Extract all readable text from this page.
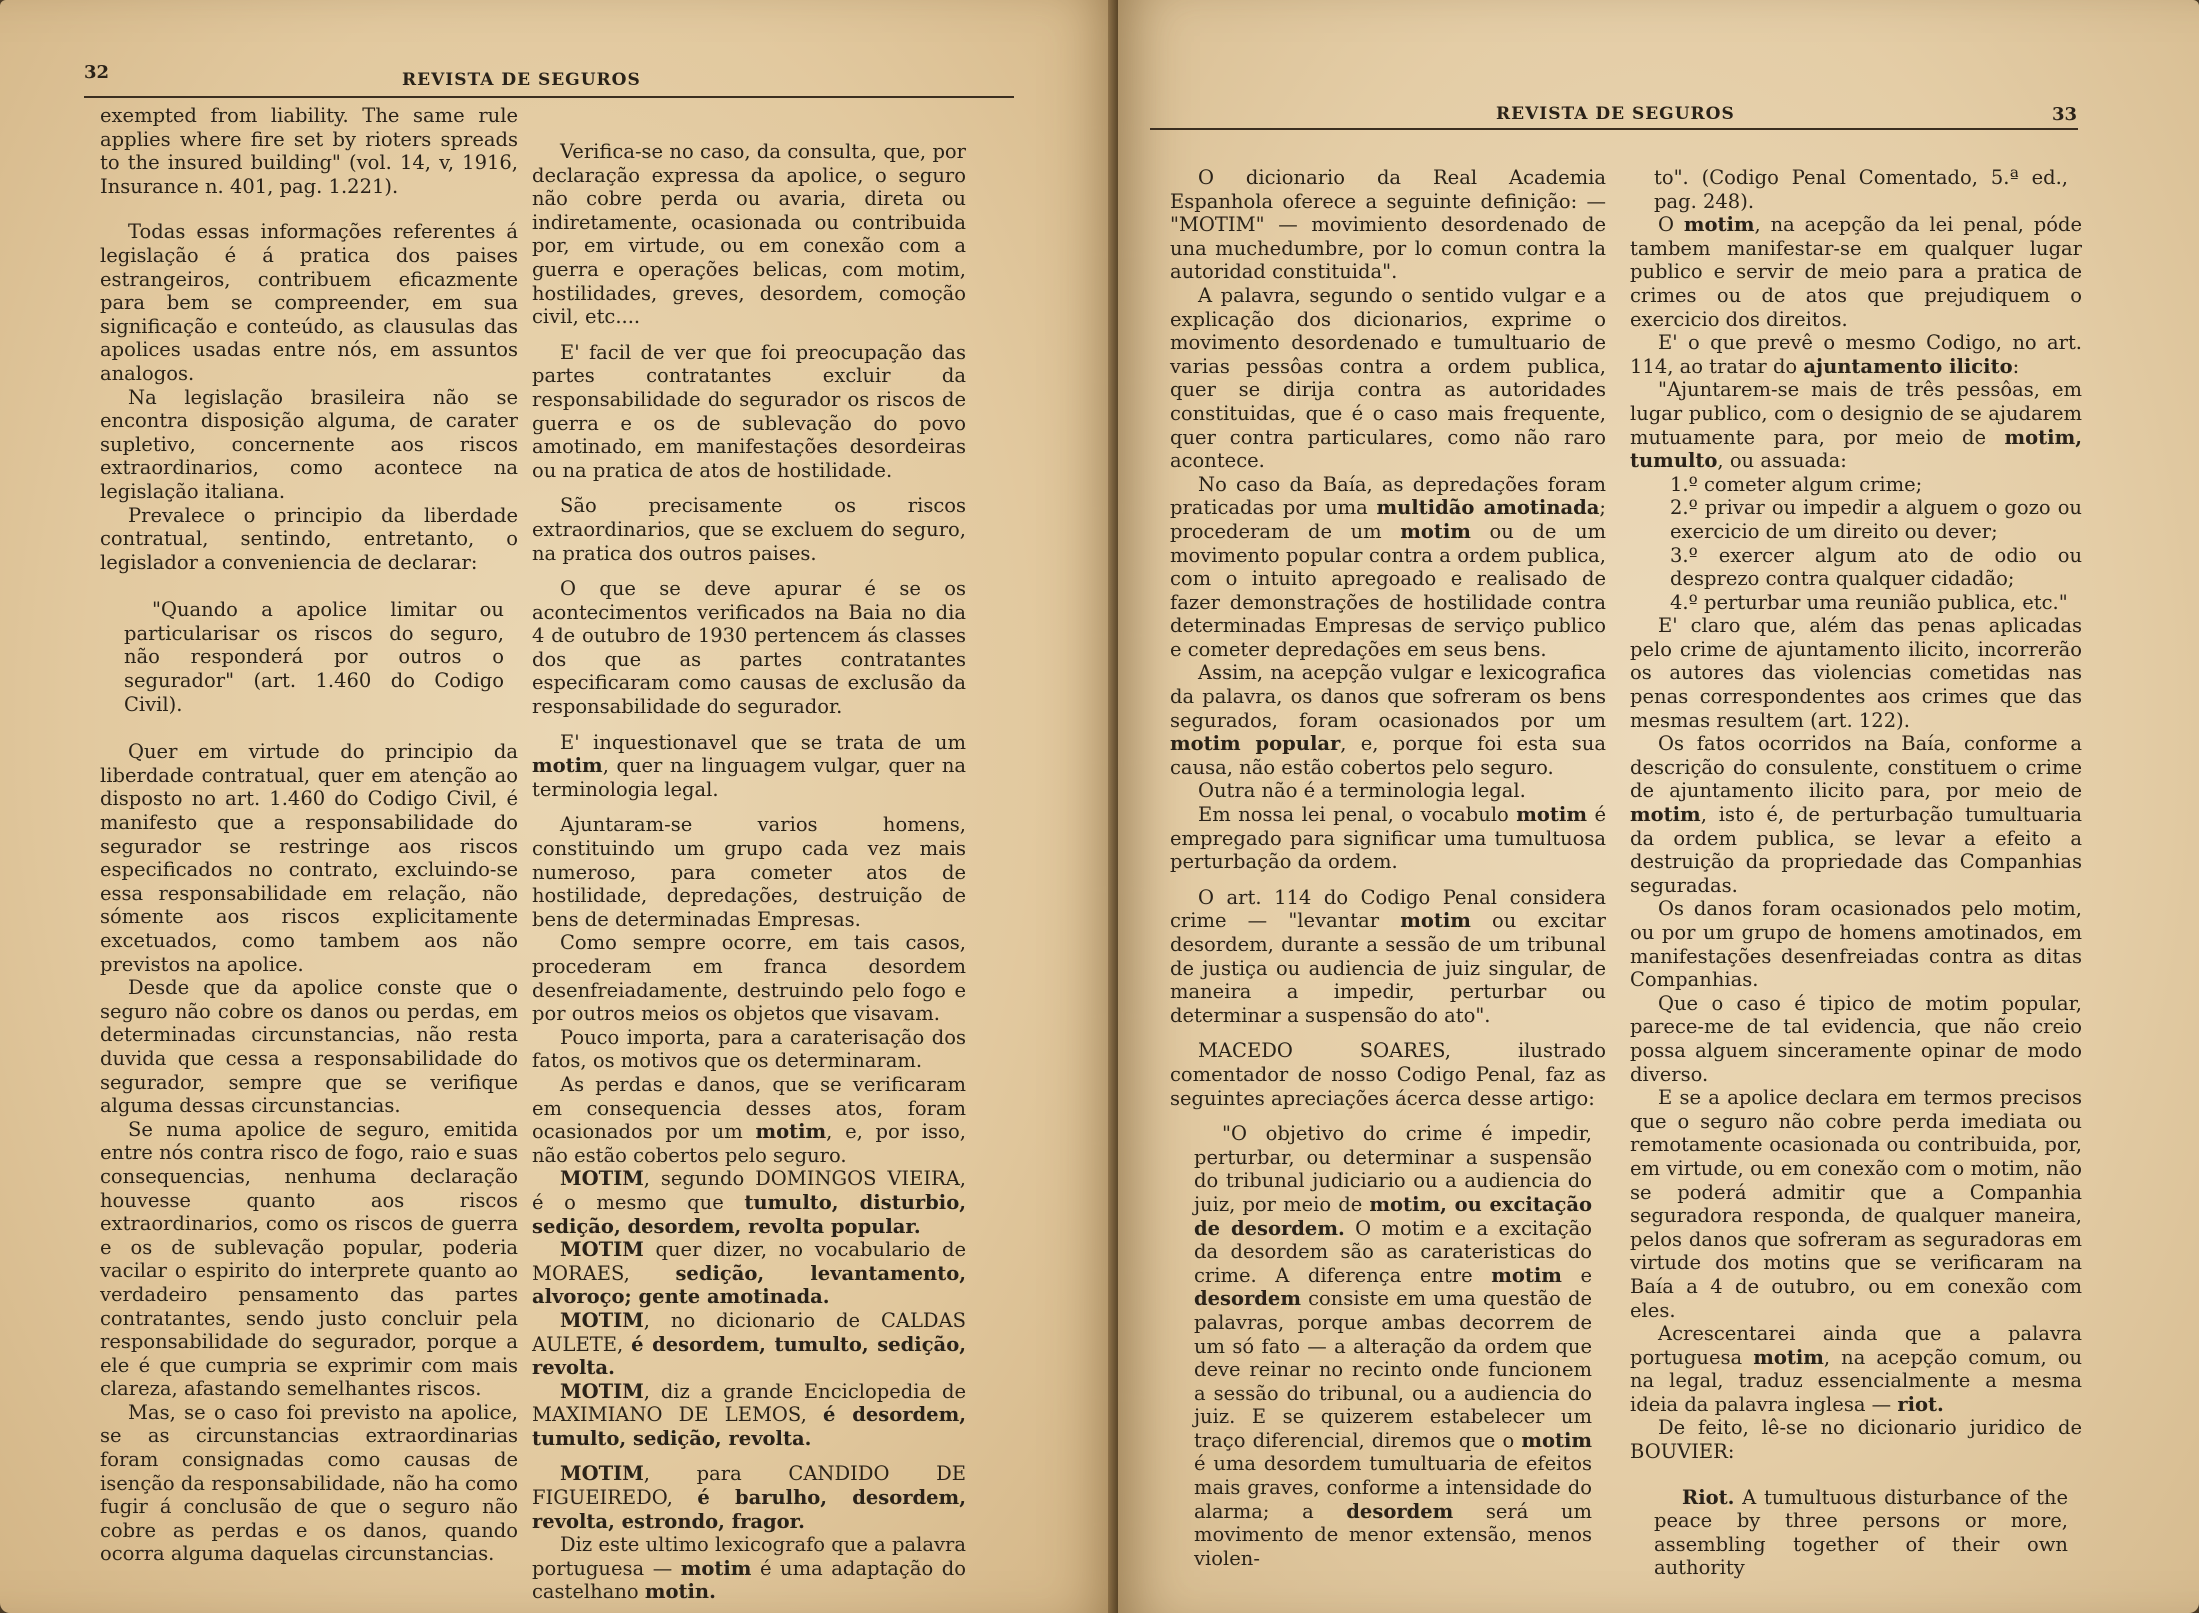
32	REVISTA DE SEGUROS

exempted from liability. The same rule applies where fire set by rioters spreads to the insured building" (vol. 14, v, 1916, Insurance n. 401, pag. 1.221).

Todas essas informações referentes á legislação é á pratica dos paises estrangeiros, contribuem eficazmente para bem se compreender, em sua significação e conteúdo, as clausulas das apolices usadas entre nós, em assuntos analogos.

Na legislação brasileira não se encontra disposição alguma, de carater supletivo, concernente aos riscos extraordinarios, como acontece na legislação italiana.

Prevalece o principio da liberdade contratual, sentindo, entretanto, o legislador a conveniencia de declarar:

"Quando a apolice limitar ou particularisar os riscos do seguro, não responderá por outros o segurador" (art. 1.460 do Codigo Civil).

Quer em virtude do principio da liberdade contratual, quer em atenção ao disposto no art. 1.460 do Codigo Civil, é manifesto que a responsabilidade do segurador se restringe aos riscos especificados no contrato, excluindo-se essa responsabilidade em relação, não sómente aos riscos explicitamente excetuados, como tambem aos não previstos na apolice.

Desde que da apolice conste que o seguro não cobre os danos ou perdas, em determinadas circunstancias, não resta duvida que cessa a responsabilidade do segurador, sempre que se verifique alguma dessas circunstancias.

Se numa apolice de seguro, emitida entre nós contra risco de fogo, raio e suas consequencias, nenhuma declaração houvesse quanto aos riscos extraordinarios, como os riscos de guerra e os de sublevação popular, poderia vacilar o espirito do interprete quanto ao verdadeiro pensamento das partes contratantes, sendo justo concluir pela responsabilidade do segurador, porque a ele é que cumpria se exprimir com mais clareza, afastando semelhantes riscos.

Mas, se o caso foi previsto na apolice, se as circunstancias extraordinarias foram consignadas como causas de isenção da responsabilidade, não ha como fugir á conclusão de que o seguro não cobre as perdas e os danos, quando ocorra alguma daquelas circunstancias.

Verifica-se no caso, da consulta, que, por declaração expressa da apolice, o seguro não cobre perda ou avaria, direta ou indiretamente, ocasionada ou contribuida por, em virtude, ou em conexão com a guerra e operações belicas, com motim, hostilidades, greves, desordem, comoção civil, etc....

E' facil de ver que foi preocupação das partes contratantes excluir da responsabilidade do segurador os riscos de guerra e os de sublevação do povo amotinado, em manifestações desordeiras ou na pratica de atos de hostilidade.

São precisamente os riscos extraordinarios, que se excluem do seguro, na pratica dos outros paises.

O que se deve apurar é se os acontecimentos verificados na Baia no dia 4 de outubro de 1930 pertencem ás classes dos que as partes contratantes especificaram como causas de exclusão da responsabilidade do segurador.

E' inquestionavel que se trata de um motim, quer na linguagem vulgar, quer na terminologia legal.

Ajuntaram-se varios homens, constituindo um grupo cada vez mais numeroso, para cometer atos de hostilidade, depredações, destruição de bens de determinadas Empresas.

Como sempre ocorre, em tais casos, procederam em franca desordem desenfreiadamente, destruindo pelo fogo e por outros meios os objetos que visavam.

Pouco importa, para a caraterisação dos fatos, os motivos que os determinaram.

As perdas e danos, que se verificaram em consequencia desses atos, foram ocasionados por um motim, e, por isso, não estão cobertos pelo seguro.

MOTIM, segundo DOMINGOS VIEIRA, é o mesmo que tumulto, disturbio, sedição, desordem, revolta popular.

MOTIM quer dizer, no vocabulario de MORAES, sedição, levantamento, alvoroço; gente amotinada.

MOTIM, no dicionario de CALDAS AULETE, é desordem, tumulto, sedição, revolta.

MOTIM, diz a grande Enciclopedia de MAXIMIANO DE LEMOS, é desordem, tumulto, sedição, revolta.

MOTIM, para CANDIDO DE FIGUEIREDO, é barulho, desordem, revolta, estrondo, fragor.

Diz este ultimo lexicografo que a palavra portuguesa — motim é uma adaptação do castelhano motin.

REVISTA DE SEGUROS	33

O dicionario da Real Academia Espanhola oferece a seguinte definição: — "MOTIM" — movimiento desordenado de una muchedumbre, por lo comun contra la autoridad constituida".

A palavra, segundo o sentido vulgar e a explicação dos dicionarios, exprime o movimento desordenado e tumultuario de varias pessôas contra a ordem publica, quer se dirija contra as autoridades constituidas, que é o caso mais frequente, quer contra particulares, como não raro acontece.

No caso da Baía, as depredações foram praticadas por uma multidão amotinada; procederam de um motim ou de um movimento popular contra a ordem publica, com o intuito apregoado e realisado de fazer demonstrações de hostilidade contra determinadas Empresas de serviço publico e cometer depredações em seus bens.

Assim, na acepção vulgar e lexicografica da palavra, os danos que sofreram os bens segurados, foram ocasionados por um motim popular, e, porque foi esta sua causa, não estão cobertos pelo seguro.

Outra não é a terminologia legal.

Em nossa lei penal, o vocabulo motim é empregado para significar uma tumultuosa perturbação da ordem.

O art. 114 do Codigo Penal considera crime — "levantar motim ou excitar desordem, durante a sessão de um tribunal de justiça ou audiencia de juiz singular, de maneira a impedir, perturbar ou determinar a suspensão do ato".

MACEDO SOARES, ilustrado comentador de nosso Codigo Penal, faz as seguintes apreciações ácerca desse artigo:

"O objetivo do crime é impedir, perturbar, ou determinar a suspensão do tribunal judiciario ou a audiencia do juiz, por meio de motim, ou excitação de desordem. O motim e a excitação da desordem são as carateristicas do crime. A diferença entre motim e desordem consiste em uma questão de palavras, porque ambas decorrem de um só fato — a alteração da ordem que deve reinar no recinto onde funcionem a sessão do tribunal, ou a audiencia do juiz. E se quizerem estabelecer um traço diferencial, diremos que o motim é uma desordem tumultuaria de efeitos mais graves, conforme a intensidade do alarma; a desordem será um movimento de menor extensão, menos violen-

to". (Codigo Penal Comentado, 5.ª ed., pag. 248).

O motim, na acepção da lei penal, póde tambem manifestar-se em qualquer lugar publico e servir de meio para a pratica de crimes ou de atos que prejudiquem o exercicio dos direitos.

E' o que prevê o mesmo Codigo, no art. 114, ao tratar do ajuntamento ilicito:

"Ajuntarem-se mais de três pessôas, em lugar publico, com o designio de se ajudarem mutuamente para, por meio de motim, tumulto, ou assuada:

1.º cometer algum crime;

2.º privar ou impedir a alguem o gozo ou exercicio de um direito ou dever;

3.º exercer algum ato de odio ou desprezo contra qualquer cidadão;

4.º perturbar uma reunião publica, etc."

E' claro que, além das penas aplicadas pelo crime de ajuntamento ilicito, incorrerão os autores das violencias cometidas nas penas correspondentes aos crimes que das mesmas resultem (art. 122).

Os fatos ocorridos na Baía, conforme a descrição do consulente, constituem o crime de ajuntamento ilicito para, por meio de motim, isto é, de perturbação tumultuaria da ordem publica, se levar a efeito a destruição da propriedade das Companhias seguradas.

Os danos foram ocasionados pelo motim, ou por um grupo de homens amotinados, em manifestações desenfreiadas contra as ditas Companhias.

Que o caso é tipico de motim popular, parece-me de tal evidencia, que não creio possa alguem sinceramente opinar de modo diverso.

E se a apolice declara em termos precisos que o seguro não cobre perda imediata ou remotamente ocasionada ou contribuida, por, em virtude, ou em conexão com o motim, não se poderá admitir que a Companhia seguradora responda, de qualquer maneira, pelos danos que sofreram as seguradoras em virtude dos motins que se verificaram na Baía a 4 de outubro, ou em conexão com eles.

Acrescentarei ainda que a palavra portuguesa motim, na acepção comum, ou na legal, traduz essencialmente a mesma ideia da palavra inglesa — riot.

De feito, lê-se no dicionario juridico de BOUVIER:

Riot. A tumultuous disturbance of the peace by three persons or more, assembling together of their own authority
